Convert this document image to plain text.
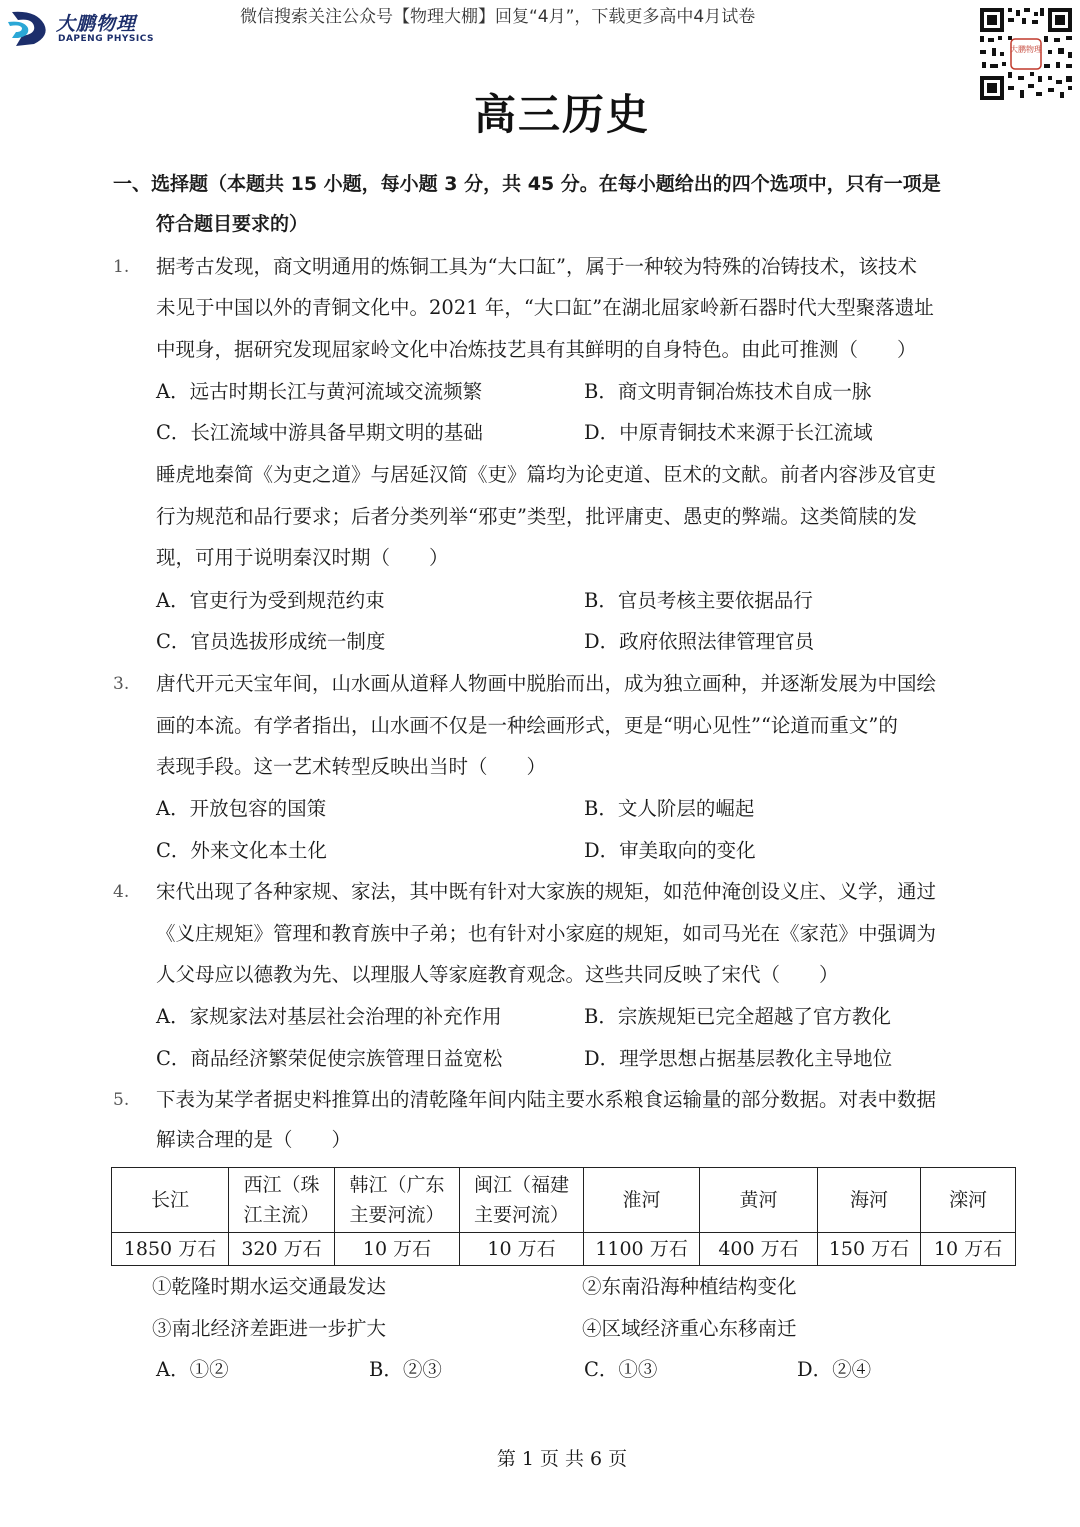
大鹏物理
DAPENG PHYSICS
微信搜索关注公众号【物理大棚】回复“4月”，下载更多高中4月试卷
大鹏物理
高三历史
一、选择题（本题共 15 小题，每小题 3 分，共 45 分。在每小题给出的四个选项中，只有一项是
符合题目要求的）
1. 据考古发现，商文明通用的炼铜工具为“大口缸”，属于一种较为特殊的冶铸技术，该技术
未见于中国以外的青铜文化中。2021 年，“大口缸”在湖北屈家岭新石器时代大型聚落遗址
中现身，据研究发现屈家岭文化中冶炼技艺具有其鲜明的自身特色。由此可推测（　　）
A．远古时期长江与黄河流域交流频繁	B．商文明青铜冶炼技术自成一脉
C．长江流域中游具备早期文明的基础	D．中原青铜技术来源于长江流域
睡虎地秦简《为吏之道》与居延汉简《吏》篇均为论吏道、臣术的文献。前者内容涉及官吏
行为规范和品行要求；后者分类列举“邪吏”类型，批评庸吏、愚吏的弊端。这类简牍的发
现，可用于说明秦汉时期（　　）
A．官吏行为受到规范约束	B．官员考核主要依据品行
C．官员选拔形成统一制度	D．政府依照法律管理官员
3. 唐代开元天宝年间，山水画从道释人物画中脱胎而出，成为独立画种，并逐渐发展为中国绘
画的本流。有学者指出，山水画不仅是一种绘画形式，更是“明心见性”“论道而重文”的
表现手段。这一艺术转型反映出当时（　　）
A．开放包容的国策	B．文人阶层的崛起
C．外来文化本土化	D．审美取向的变化
4. 宋代出现了各种家规、家法，其中既有针对大家族的规矩，如范仲淹创设义庄、义学，通过
《义庄规矩》管理和教育族中子弟；也有针对小家庭的规矩，如司马光在《家范》中强调为
人父母应以德教为先、以理服人等家庭教育观念。这些共同反映了宋代（　　）
A．家规家法对基层社会治理的补充作用	B．宗族规矩已完全超越了官方教化
C．商品经济繁荣促使宗族管理日益宽松	D．理学思想占据基层教化主导地位
5. 下表为某学者据史料推算出的清乾隆年间内陆主要水系粮食运输量的部分数据。对表中数据
解读合理的是（　　）
长江	西江（珠
江主流）	韩江（广东
主要河流）	闽江（福建
主要河流）	淮河	黄河	海河	滦河
1850 万石	320 万石	10 万石	10 万石	1100 万石	400 万石	150 万石	10 万石
①乾隆时期水运交通最发达	②东南沿海种植结构变化
③南北经济差距进一步扩大	④区域经济重心东移南迁
A．①②	B．②③	C．①③	D．②④
第 1 页 共 6 页
